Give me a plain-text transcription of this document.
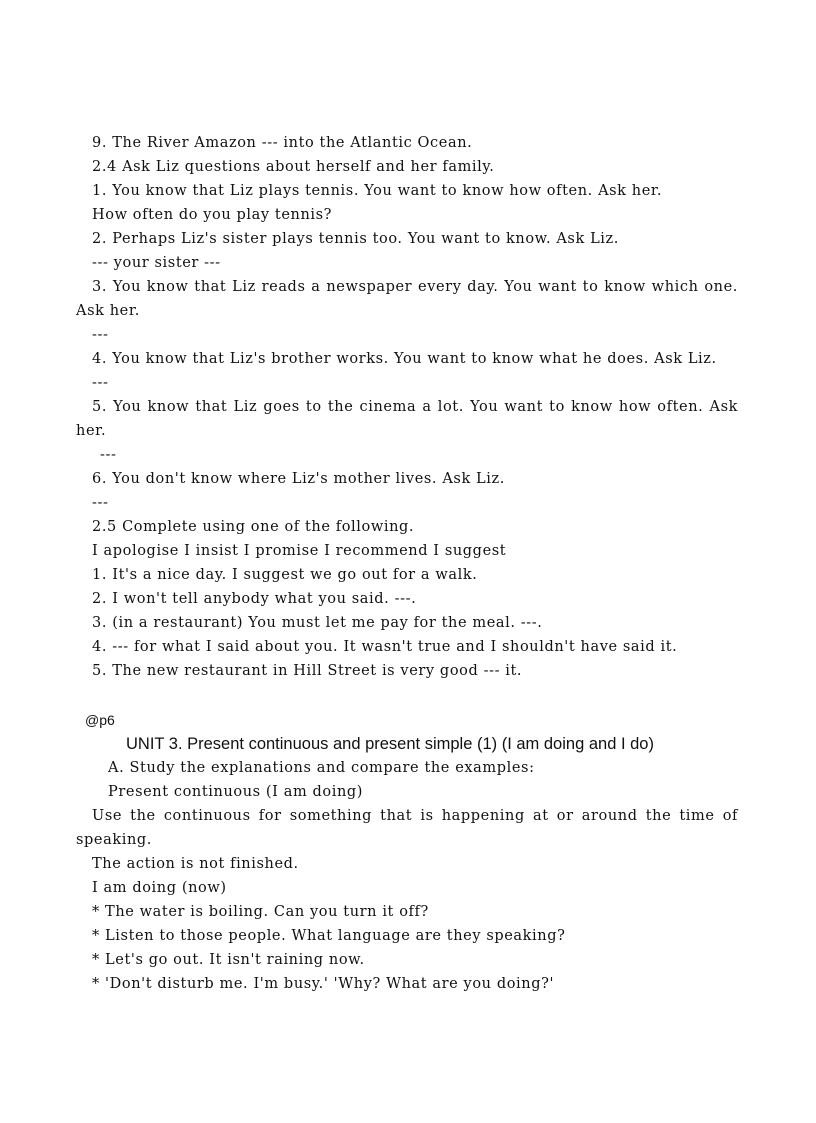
9. The River Amazon --- into the Atlantic Ocean.
2.4 Ask Liz questions about herself and her family.
1. You know that Liz plays tennis. You want to know how often. Ask her.
How often do you play tennis?
2. Perhaps Liz's sister plays tennis too. You want to know. Ask Liz.
--- your sister ---
3. You know that Liz reads a newspaper every day. You want to know which one.
Ask her.
---
4. You know that Liz's brother works. You want to know what he does. Ask Liz.
---
5. You know that Liz goes to the cinema a lot. You want to know how often. Ask
her.
---
6. You don't know where Liz's mother lives. Ask Liz.
---
2.5 Complete using one of the following.
I apologise I insist I promise I recommend I suggest
1. It's a nice day. I suggest we go out for a walk.
2. I won't tell anybody what you said. ---.
3. (in a restaurant) You must let me pay for the meal. ---.
4. --- for what I said about you. It wasn't true and I shouldn't have said it.
5. The new restaurant in Hill Street is very good --- it.
@p6
UNIT 3. Present continuous and present simple (1) (I am doing and I do)
A. Study the explanations and compare the examples:
Present continuous (I am doing)
Use the continuous for something that is happening at or around the time of
speaking.
The action is not finished.
I am doing (now)
* The water is boiling. Can you turn it off?
* Listen to those people. What language are they speaking?
* Let's go out. It isn't raining now.
* 'Don't disturb me. I'm busy.' 'Why? What are you doing?'
